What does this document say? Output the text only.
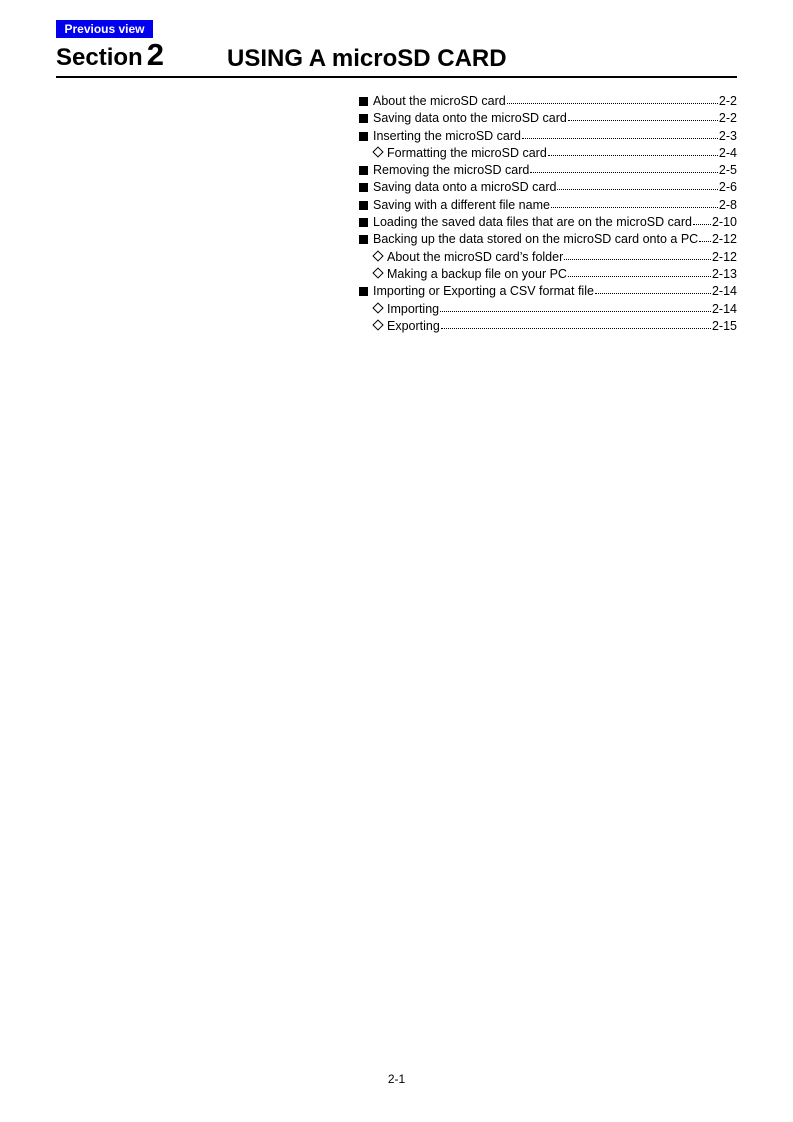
Previous view
Section 2	USING A microSD CARD
About the microSD card	2-2
Saving data onto the microSD card	2-2
Inserting the microSD card	2-3
Formatting the microSD card	2-4
Removing the microSD card	2-5
Saving data onto a microSD card	2-6
Saving with a different file name	2-8
Loading the saved data files that are on the microSD card 2-10
Backing up the data stored on the microSD card onto a PC 2-12
About the microSD card’s folder	2-12
Making a backup file on your PC	2-13
Importing or Exporting a CSV format file	2-14
Importing	2-14
Exporting	2-15
2-1
